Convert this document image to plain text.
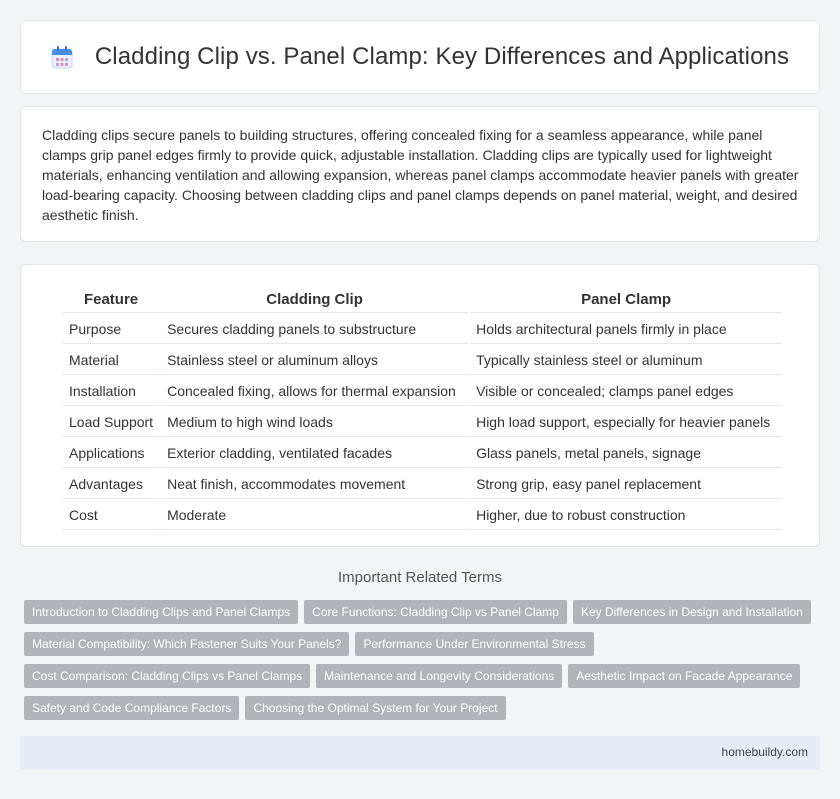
Cladding Clip vs. Panel Clamp: Key Differences and Applications

Cladding clips secure panels to building structures, offering concealed fixing for a seamless appearance, while panel clamps grip panel edges firmly to provide quick, adjustable installation. Cladding clips are typically used for lightweight materials, enhancing ventilation and allowing expansion, whereas panel clamps accommodate heavier panels with greater load-bearing capacity. Choosing between cladding clips and panel clamps depends on panel material, weight, and desired aesthetic finish.

Feature	Cladding Clip	Panel Clamp
Purpose	Secures cladding panels to substructure	Holds architectural panels firmly in place
Material	Stainless steel or aluminum alloys	Typically stainless steel or aluminum
Installation	Concealed fixing, allows for thermal expansion	Visible or concealed; clamps panel edges
Load Support	Medium to high wind loads	High load support, especially for heavier panels
Applications	Exterior cladding, ventilated facades	Glass panels, metal panels, signage
Advantages	Neat finish, accommodates movement	Strong grip, easy panel replacement
Cost	Moderate	Higher, due to robust construction
Important Related Terms
Introduction to Cladding Clips and Panel Clamps Core Functions: Cladding Clip vs Panel Clamp Key Differences in Design and InstallationMaterial Compatibility: Which Fastener Suits Your Panels? Performance Under Environmental StressCost Comparison: Cladding Clips vs Panel Clamps Maintenance and Longevity Considerations Aesthetic Impact on Facade AppearanceSafety and Code Compliance Factors Choosing the Optimal System for Your Project
homebuildy.com
